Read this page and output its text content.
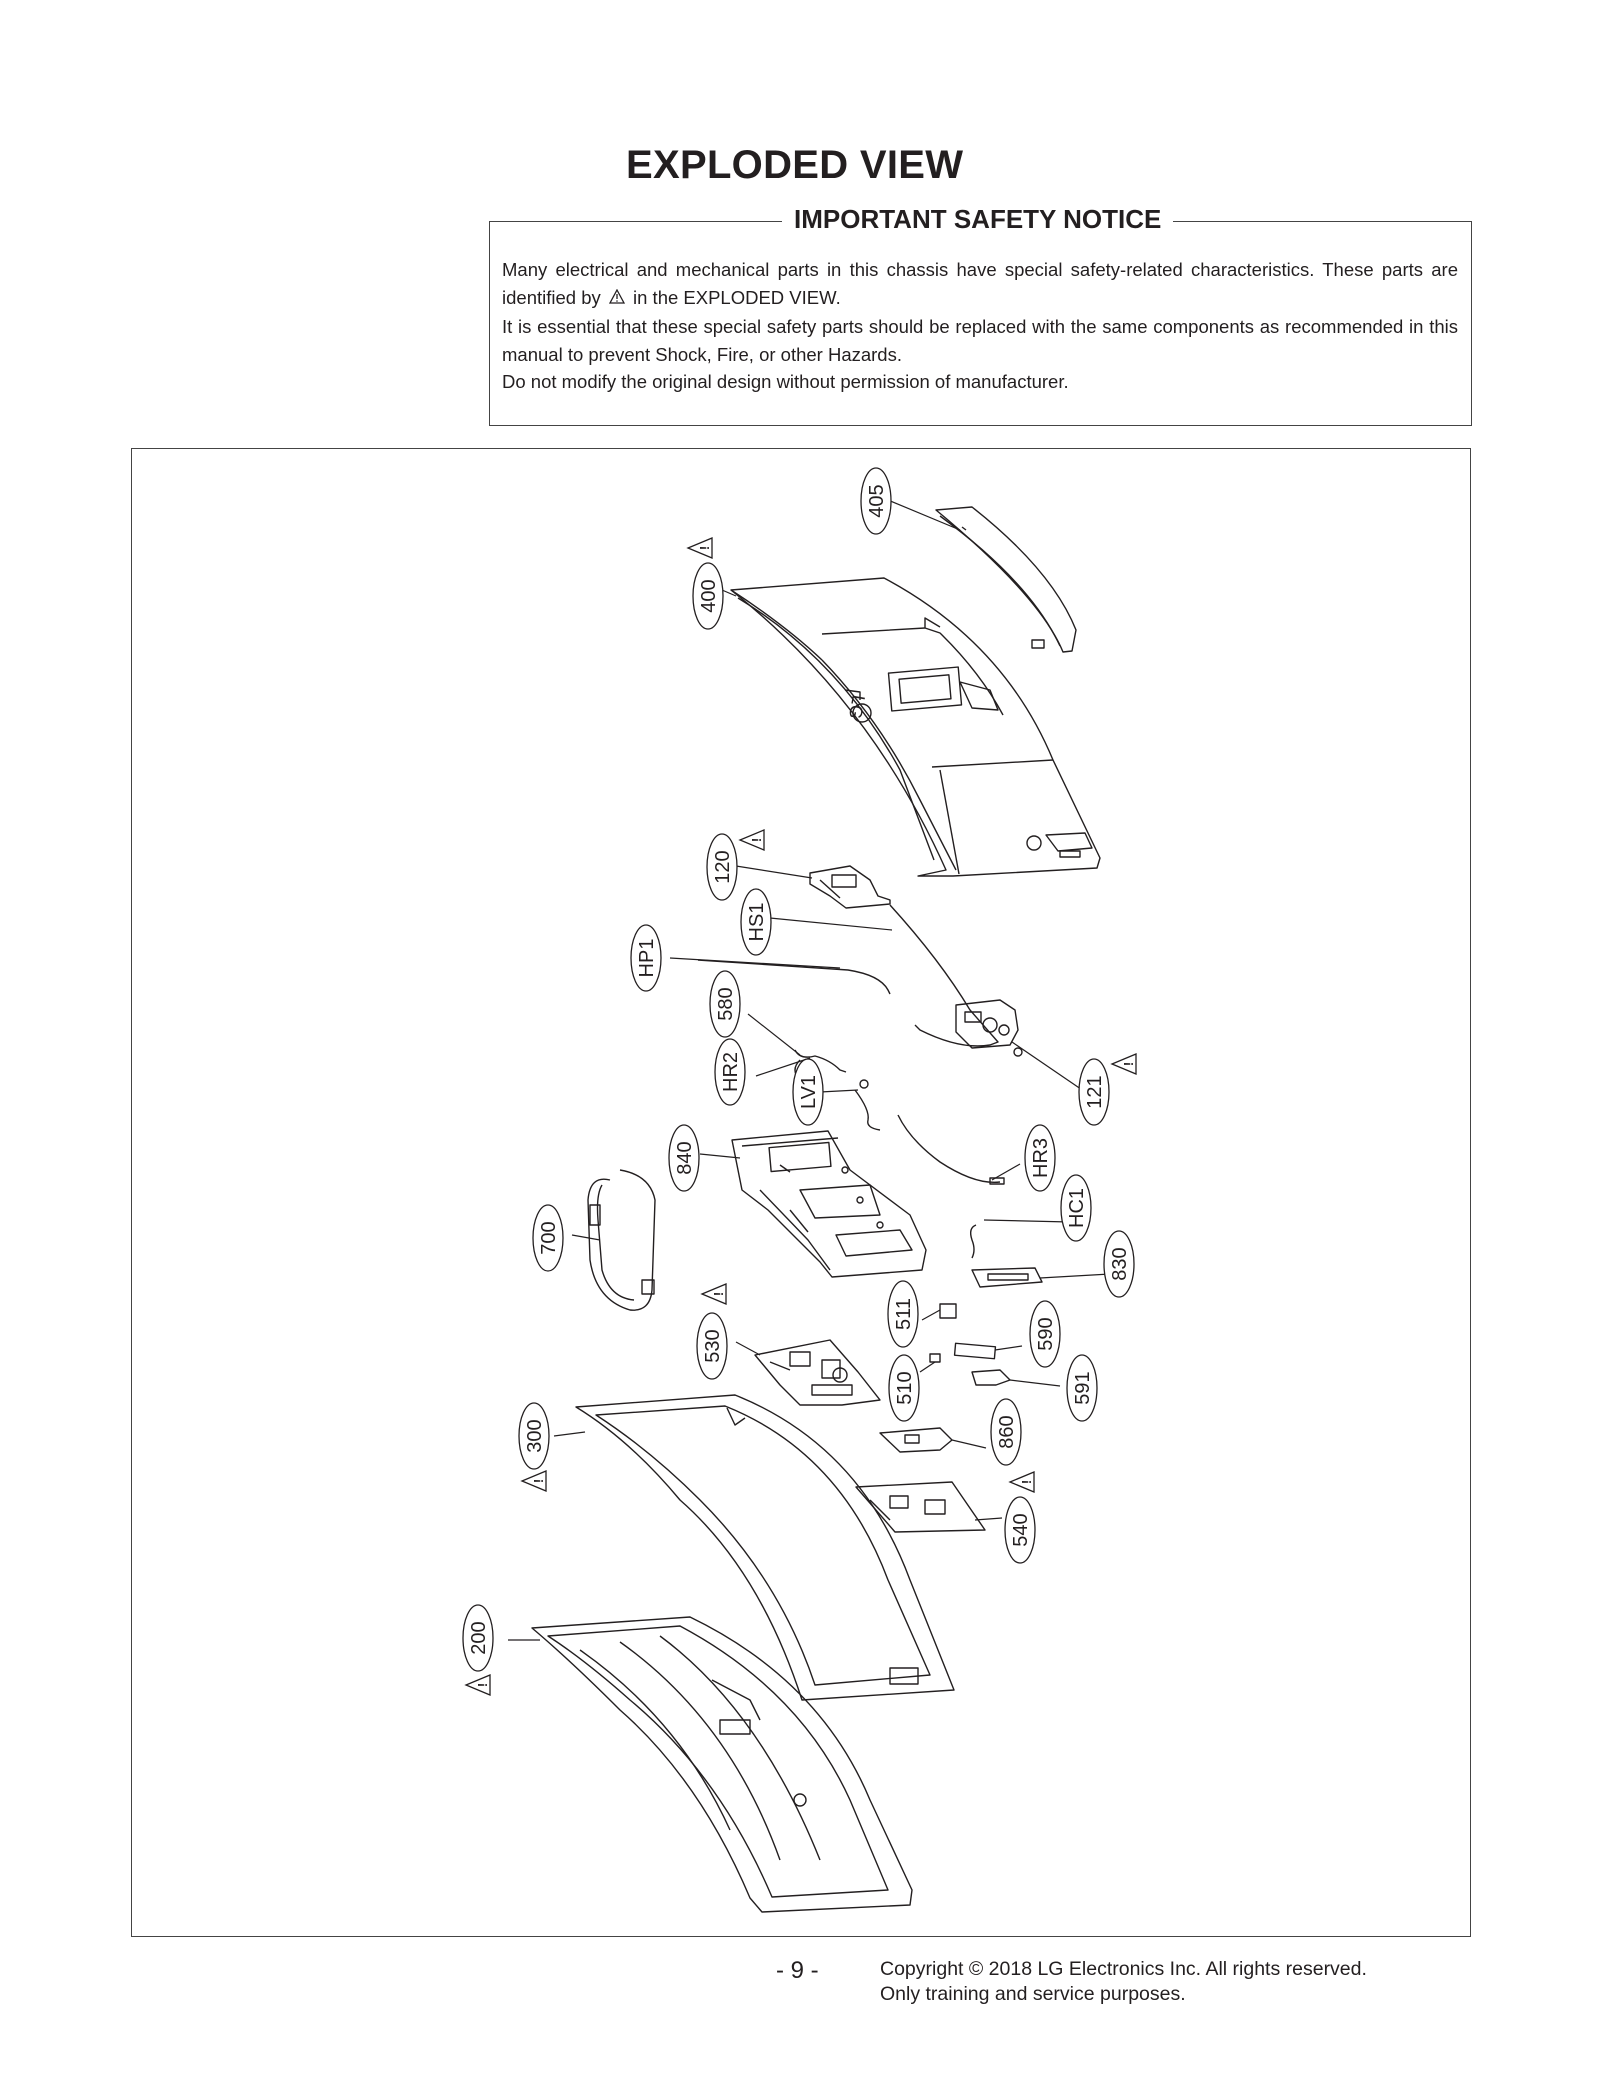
EXPLODED VIEW
IMPORTANT SAFETY NOTICE

Many electrical and mechanical parts in this chassis have special safety-related characteristics. These parts are identified by in the EXPLODED VIEW.

It is essential that these special safety parts should be replaced with the same components as recommended in this manual to prevent Shock, Fire, or other Hazards.

Do not modify the original design without permission of manufacturer.

LG
405
400
120
HS1
HP1
580
HR2	LV1	121
840	HR3
700
HC1
830
511
530	590
510	591
300	860
540
200
!
!
!
!
!	!
!
- 9 -	Copyright © 2018 LG Electronics Inc. All rights reserved.
Only training and service purposes.
